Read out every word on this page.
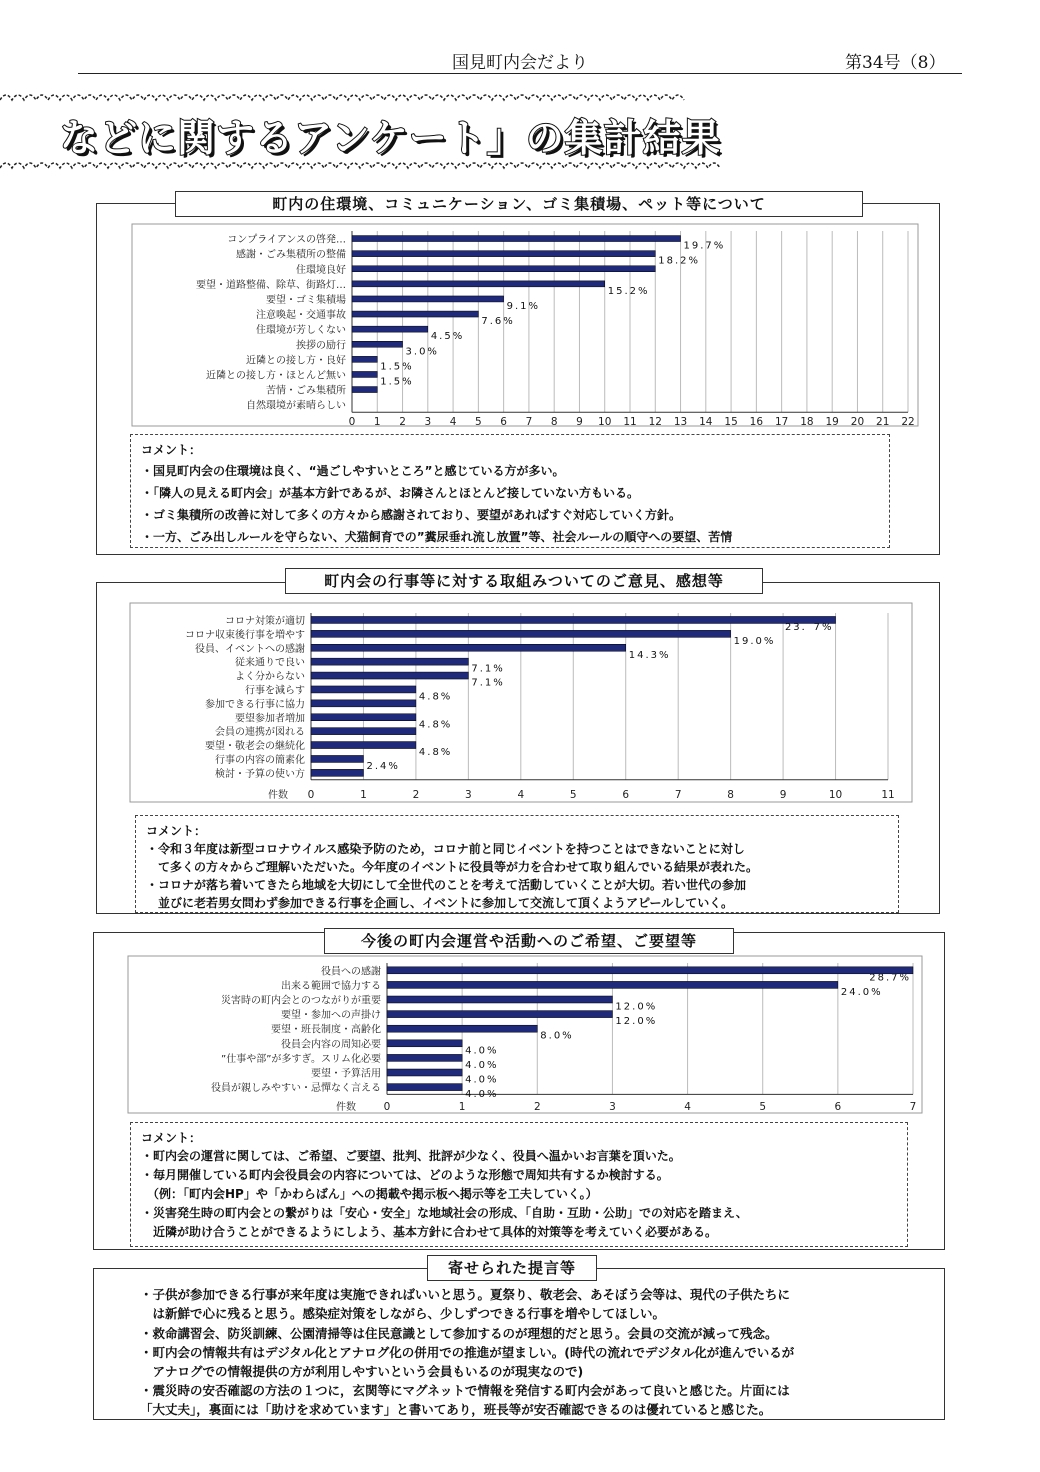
国見町内会だより	第34号（8）
などに関するアンケート」の集計結果
町内の住環境、コミュニケーション、ゴミ集積場、ペット等について
0 1 2 3 4 5 6 7 8 9 10 11 12 13 14 15 16 17 18 19 20 21 22
コンプライアンスの啓発…
19.7%
感謝・ごみ集積所の整備
18.2%
住環境良好
要望・道路整備、除草、街路灯…
15.2%
要望・ゴミ集積場
9.1%
注意喚起・交通事故
7.6%
住環境が芳しくない
4.5%
挨拶の励行
3.0%
近隣との接し方・良好
1.5%
近隣との接し方・ほとんど無い
1.5%
苦情・ごみ集積所
自然環境が素晴らしい
コメント：
・国見町内会の住環境は良く、“過ごしやすいところ”と感じている方が多い。
・「隣人の見える町内会」が基本方針であるが、お隣さんとほとんど接していない方もいる。
・ゴミ集積所の改善に対して多くの方々から感謝されており、要望があればすぐ対応していく方針。
・一方、ごみ出しルールを守らない、犬猫飼育での”糞尿垂れ流し放置”等、社会ルールの順守への要望、苦情
町内会の行事等に対する取組みついてのご意見、感想等
0	1	2	3	4	5	6	7	8	9	10	11
件数
コロナ対策が適切
23．7%
コロナ収束後行事を増やす
19.0%
役員、イベントへの感謝
14.3%
従来通りで良い
7.1%
よく分からない
7.1%
行事を減らす
4.8%
参加できる行事に協力
要望参加者増加
4.8%
会員の連携が図れる
要望・敬老会の継続化
4.8%
行事の内容の簡素化
2.4%
検討・予算の使い方
コメント：
・令和３年度は新型コロナウイルス感染予防のため，コロナ前と同じイベントを持つことはできないことに対し
　て多くの方々からご理解いただいた。今年度のイベントに役員等が力を合わせて取り組んでいる結果が表れた。
・コロナが落ち着いてきたら地域を大切にして全世代のことを考えて活動していくことが大切。若い世代の参加
　並びに老若男女問わず参加できる行事を企画し、イベントに参加して交流して頂くようアピールしていく。
今後の町内会運営や活動へのご希望、ご要望等
0	1	2	3	4	5	6	7
件数
役員への感謝
28.7%
出来る範囲で協力する
24.0%
災害時の町内会とのつながりが重要
12.0%
要望・参加への声掛け
12.0%
要望・班長制度・高齢化
8.0%
役員会内容の周知必要
4.0%
”仕事や部”が多すぎ。スリム化必要
4.0%
要望・予算活用
4.0%
役員が親しみやすい・忌憚なく言える
4.0%
コメント：
・町内会の運営に関しては、ご希望、ご要望、批判、批評が少なく、役員へ温かいお言葉を頂いた。
・毎月開催している町内会役員会の内容については、どのような形態で周知共有するか検討する。
　（例：「町内会HP」や「かわらばん」への掲載や掲示板へ掲示等を工夫していく。）
・災害発生時の町内会との繋がりは「安心・安全」な地域社会の形成、「自助・互助・公助」での対応を踏まえ、
　近隣が助け合うことができるようにしよう、基本方針に合わせて具体的対策等を考えていく必要がある。
寄せられた提言等
・子供が参加できる行事が来年度は実施できればいいと思う。夏祭り、敬老会、あそぼう会等は、現代の子供たちに
　は新鮮で心に残ると思う。感染症対策をしながら、少しずつできる行事を増やしてほしい。
・救命講習会、防災訓練、公園清掃等は住民意識として参加するのが理想的だと思う。会員の交流が減って残念。
・町内会の情報共有はデジタル化とアナログ化の併用での推進が望ましい。(時代の流れでデジタル化が進んでいるが
　アナログでの情報提供の方が利用しやすいという会員もいるのが現実なので)
・震災時の安否確認の方法の１つに，玄関等にマグネットで情報を発信する町内会があって良いと感じた。片面には
「大丈夫」，裏面には「助けを求めています」と書いてあり，班長等が安否確認できるのは優れていると感じた。
